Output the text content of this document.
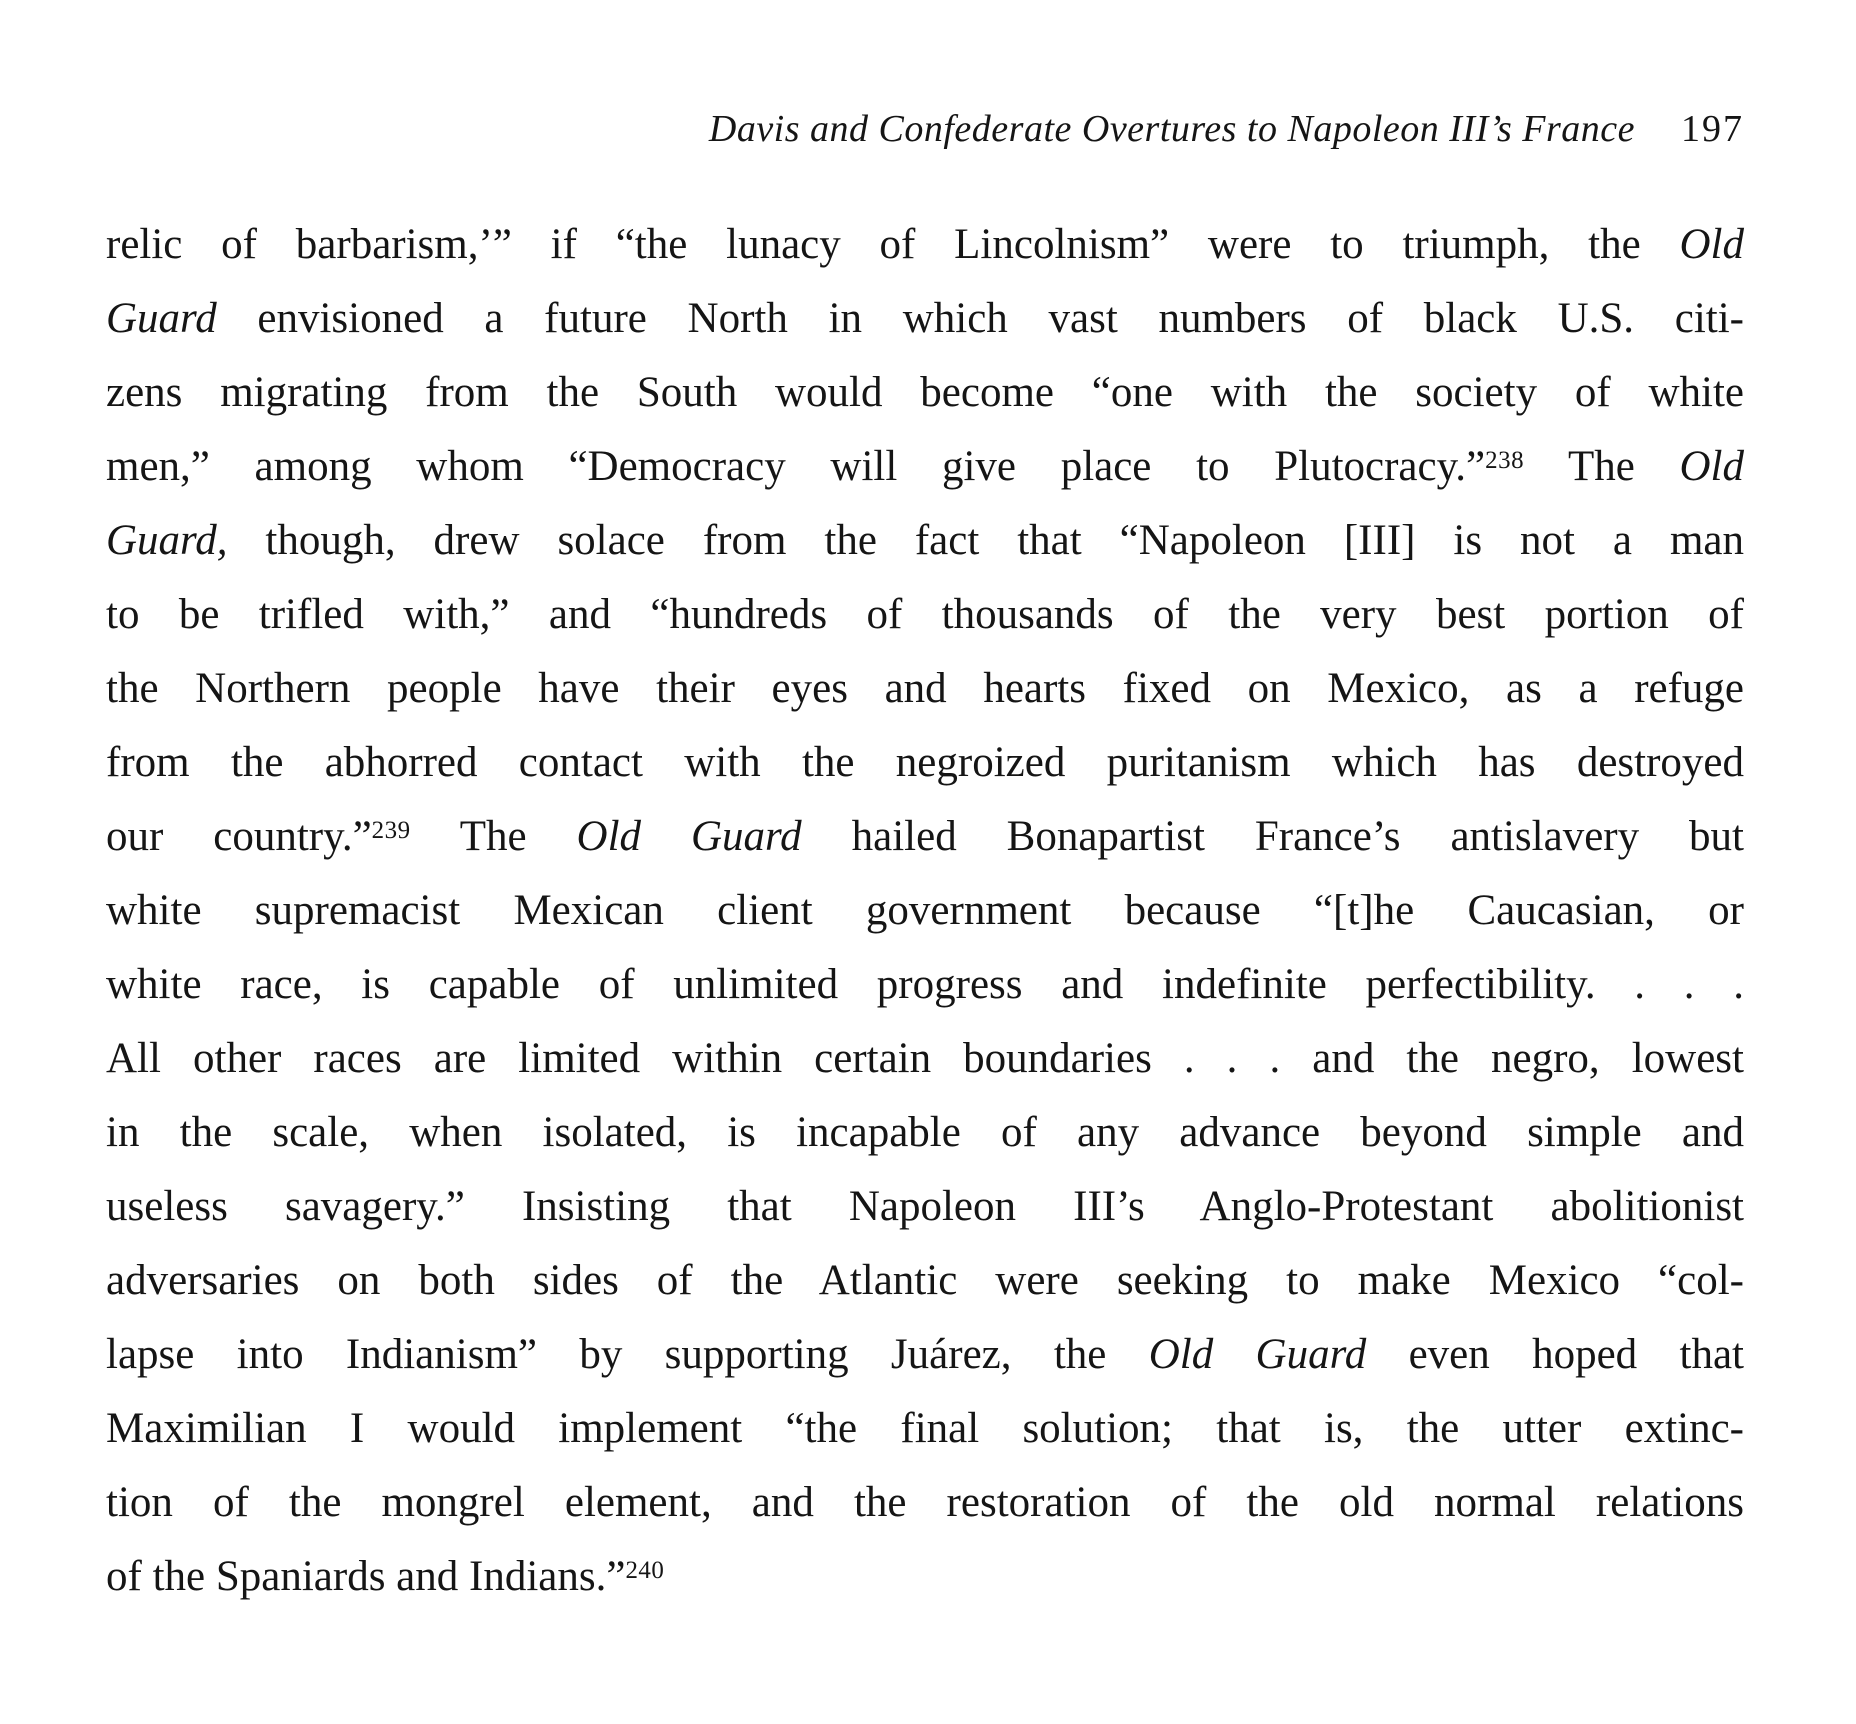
Davis and Confederate Overtures to Napoleon III’s France 197
relic of barbarism,’” if “the lunacy of Lincolnism” were to triumph, the Old
Guard envisioned a future North in which vast numbers of black U.S. citi-
zens migrating from the South would become “one with the society of white
men,” among whom “Democracy will give place to Plutocracy.”$^{238}$ The Old
Guard, though, drew solace from the fact that “Napoleon [III] is not a man
to be trifled with,” and “hundreds of thousands of the very best portion of
the Northern people have their eyes and hearts fixed on Mexico, as a refuge
from the abhorred contact with the negroized puritanism which has destroyed
our country.”$^{239}$ The Old Guard hailed Bonapartist France’s antislavery but
white supremacist Mexican client government because “[t]he Caucasian, or
white race, is capable of unlimited progress and indefinite perfectibility. . . .
All other races are limited within certain boundaries . . . and the negro, lowest
in the scale, when isolated, is incapable of any advance beyond simple and
useless savagery.” Insisting that Napoleon III’s Anglo-Protestant abolitionist
adversaries on both sides of the Atlantic were seeking to make Mexico “col-
lapse into Indianism” by supporting Juárez, the Old Guard even hoped that
Maximilian I would implement “the final solution; that is, the utter extinc-
tion of the mongrel element, and the restoration of the old normal relations
of the Spaniards and Indians.”$^{240}$
